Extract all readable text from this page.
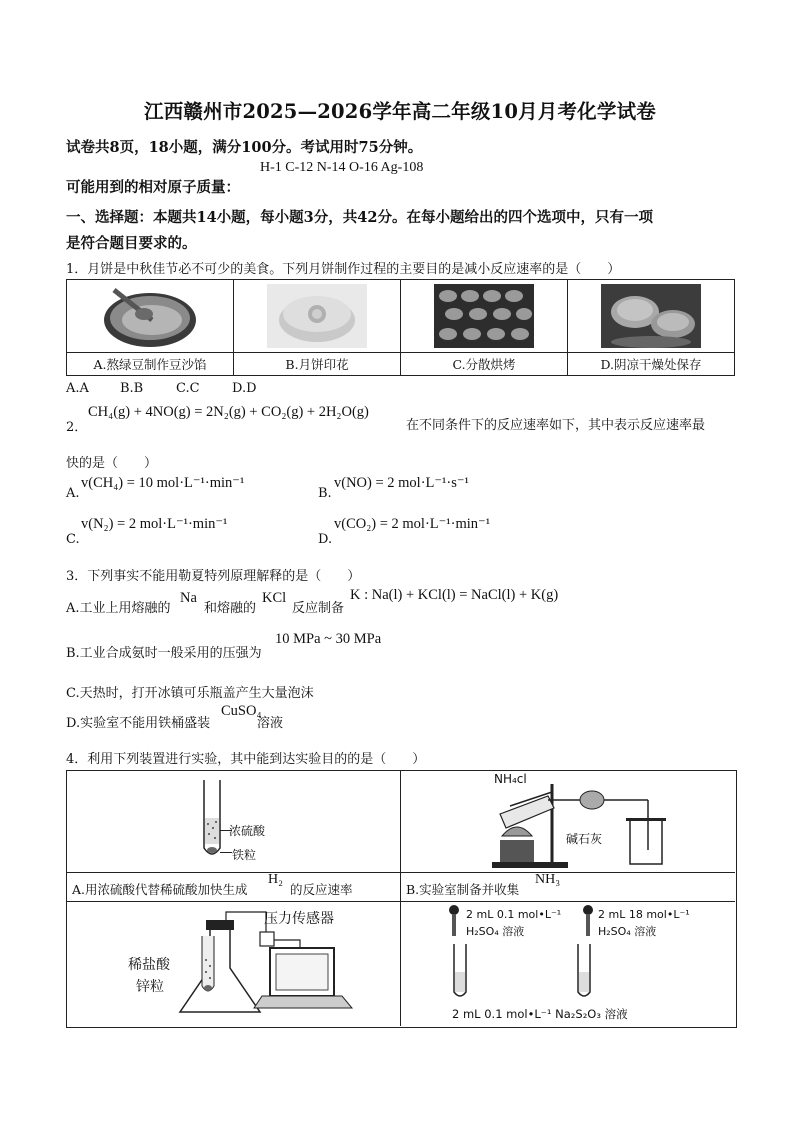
江西赣州市2025—2026学年高二年级10月月考化学试卷
试卷共8页，18小题，满分100分。考试用时75分钟。
H-1 C-12 N-14 O-16 Ag-108
可能用到的相对原子质量：
一、选择题：本题共14小题，每小题3分，共42分。在每小题给出的四个选项中，只有一项
是符合题目要求的。
1．月饼是中秋佳节必不可少的美食。下列月饼制作过程的主要目的是减小反应速率的是（　　）

A.熬绿豆制作豆沙馅	B.月饼印花	C.分散烘烤	D.阴凉干燥处保存
A.A B.B	C.C D.D
2．
CH₄(g) + 4NO(g) = 2N₂(g) + CO₂(g) + 2H₂O(g)
在不同条件下的反应速率如下，其中表示反应速率最
快的是（　　）
A.
v(CH₄) = 10 mol·L⁻¹·min⁻¹
B.
v(NO) = 2 mol·L⁻¹·s⁻¹
C.
v(N₂) = 2 mol·L⁻¹·min⁻¹
D.
v(CO₂) = 2 mol·L⁻¹·min⁻¹
3．下列事实不能用勒夏特列原理解释的是（　　）
A.工业上用熔融的
Na
和熔融的
KCl
反应制备
K : Na(l) + KCl(l) = NaCl(l) + K(g)
B.工业合成氨时一般采用的压强为
10 MPa ~ 30 MPa
C.天热时，打开冰镇可乐瓶盖产生大量泡沫
D.实验室不能用铁桶盛装
CuSO₄
溶液
4．利用下列装置进行实验，其中能到达实验目的的是（　　）
浓硫酸
铁粒
A.用浓硫酸代替稀硫酸加快生成
H₂
的反应速率
NH₄cl
碱石灰
B.实验室制备并收集
NH₃
压力传感器
稀盐酸
锌粒
2 mL 0.1 mol•L⁻¹
H₂SO₄ 溶液
2 mL 18 mol•L⁻¹
H₂SO₄ 溶液
2 mL 0.1 mol•L⁻¹ Na₂S₂O₃ 溶液
